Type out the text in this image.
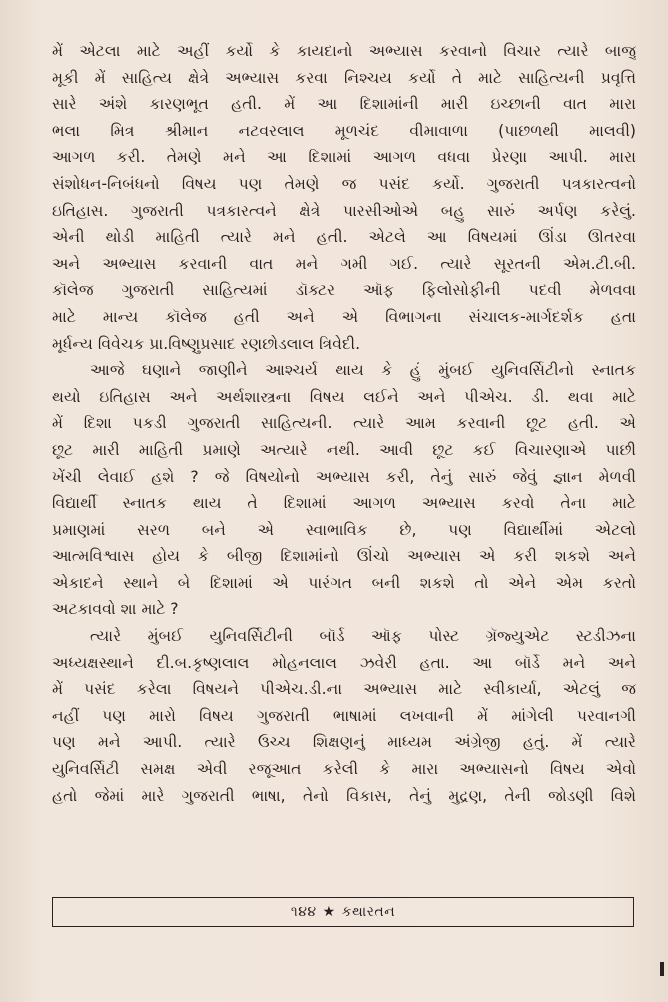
મેં એટલા માટે અહીં કર્યો કે કાયદાનો અભ્યાસ કરવાનો વિચાર ત્યારે બાજુ
મૂકી મેં સાહિત્ય ક્ષેત્રે અભ્યાસ કરવા નિશ્ચય કર્યો તે માટે સાહિત્યની પ્રવૃત્તિ
સારે અંશે કારણભૂત હતી. મેં આ દિશામાંની મારી ઇચ્છાની વાત મારા
ભલા મિત્ર શ્રીમાન નટવરલાલ મૂળચંદ વીમાવાળા (પાછળથી માલવી)
આગળ કરી. તેમણે મને આ દિશામાં આગળ વધવા પ્રેરણા આપી. મારા
સંશોધન-નિબંધનો વિષય પણ તેમણે જ પસંદ કર્યો. ગુજરાતી પત્રકારત્વનો
ઇતિહાસ. ગુજરાતી પત્રકારત્વને ક્ષેત્રે પારસીઓએ બહુ સારું અર્પણ કરેલું.
એની થોડી માહિતી ત્યારે મને હતી. એટલે આ વિષયમાં ઊંડા ઊતરવા
અને અભ્યાસ કરવાની વાત મને ગમી ગઈ. ત્યારે સૂરતની એમ.ટી.બી.
કૉલેજ ગુજરાતી સાહિત્યમાં ડૉક્ટર ઑફ ફિલોસોફીની પદવી મેળવવા
માટે માન્ય કૉલેજ હતી અને એ વિભાગના સંચાલક-માર્ગદર્શક હતા
મૂર્ધન્ય વિવેચક પ્રા.વિષ્ણુપ્રસાદ રણછોડલાલ ત્રિવેદી.

આજે ઘણાને જાણીને આશ્ચર્ય થાય કે હું મુંબઈ યુનિવર્સિટીનો સ્નાતક
થયો ઇતિહાસ અને અર્થશાસ્ત્રના વિષય લઈને અને પીએચ. ડી. થવા માટે
મેં દિશા પકડી ગુજરાતી સાહિત્યની. ત્યારે આમ કરવાની છૂટ હતી. એ
છૂટ મારી માહિતી પ્રમાણે અત્યારે નથી. આવી છૂટ કઈ વિચારણાએ પાછી
ખેંચી લેવાઈ હશે ? જે વિષયોનો અભ્યાસ કરી, તેનું સારું જેવું જ્ઞાન મેળવી
વિદ્યાર્થી સ્નાતક થાય તે દિશામાં આગળ અભ્યાસ કરવો તેના માટે
પ્રમાણમાં સરળ બને એ સ્વાભાવિક છે, પણ વિદ્યાર્થીમાં એટલો
આત્મવિશ્વાસ હોય કે બીજી દિશામાંનો ઊંચો અભ્યાસ એ કરી શકશે અને
એકાદને સ્થાને બે દિશામાં એ પારંગત બની શકશે તો એને એમ કરતો
અટકાવવો શા માટે ?

ત્યારે મુંબઈ યુનિવર્સિટીની બૉર્ડ ઑફ પોસ્ટ ગ્રૅજ્યુએટ સ્ટડીઝના
અધ્યક્ષસ્થાને દી.બ.કૃષ્ણલાલ મોહનલાલ ઝવેરી હતા. આ બૉર્ડે મને અને
મેં પસંદ કરેલા વિષયને પીએચ.ડી.ના અભ્યાસ માટે સ્વીકાર્યા, એટલું જ
નહીં પણ મારો વિષય ગુજરાતી ભાષામાં લખવાની મેં માંગેલી પરવાનગી
પણ મને આપી. ત્યારે ઉચ્ચ શિક્ષણનું માધ્યમ અંગ્રેજી હતું. મેં ત્યારે
યુનિવર્સિટી સમક્ષ એવી રજૂઆત કરેલી કે મારા અભ્યાસનો વિષય એવો
હતો જેમાં મારે ગુજરાતી ભાષા, તેનો વિકાસ, તેનું મુદ્રણ, તેની જોડણી વિશે

૧૪૪ ★ કથારતન
